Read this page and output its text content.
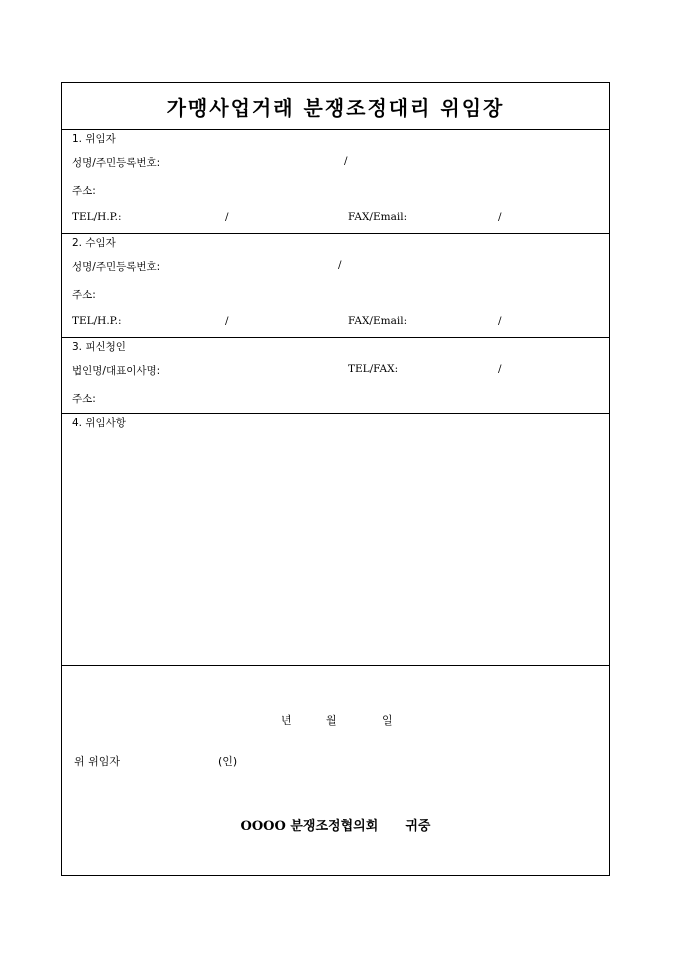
가맹사업거래 분쟁조정대리 위임장
1. 위임자
성명/주민등록번호:	/
주소:
TEL/H.P.:	/	FAX/Email:	/
2. 수임자
성명/주민등록번호:	/
주소:
TEL/H.P.:	/	FAX/Email:	/
3. 피신청인
법인명/대표이사명:	TEL/FAX:	/
주소:
4. 위임사항
년	월	일
위 위임자	(인)
OOOO 분쟁조정협의회 귀중
